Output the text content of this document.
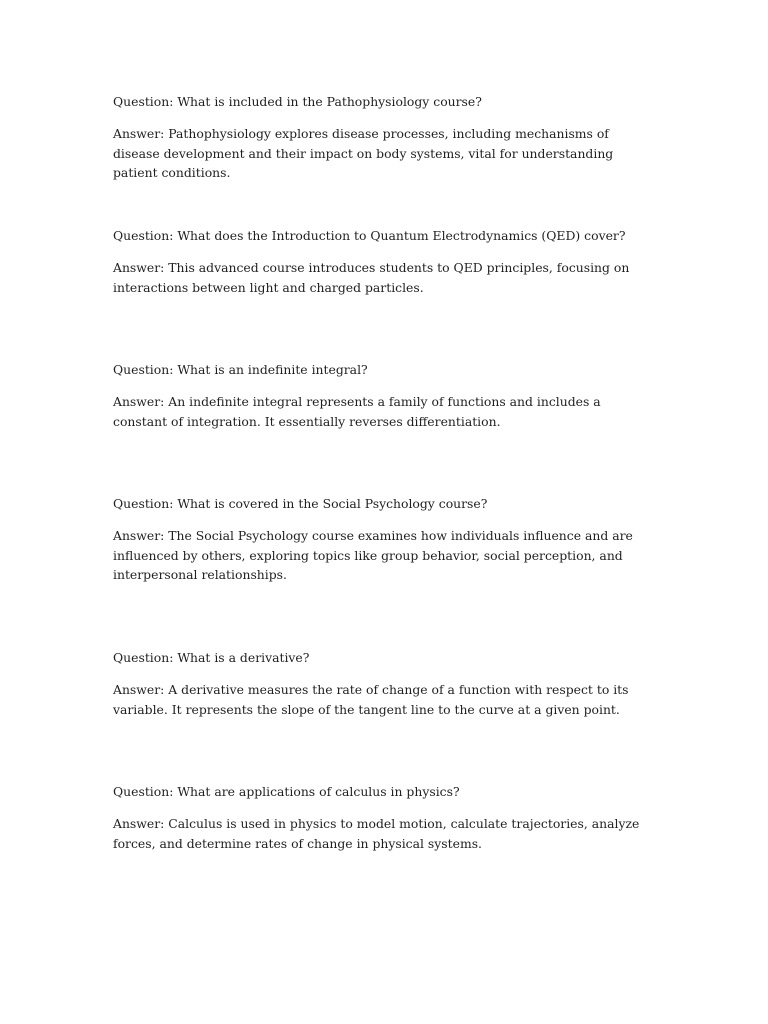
Question: What is included in the Pathophysiology course?

Answer: Pathophysiology explores disease processes, including mechanisms of disease development and their impact on body systems, vital for understanding patient conditions.

Question: What does the Introduction to Quantum Electrodynamics (QED) cover?

Answer: This advanced course introduces students to QED principles, focusing on interactions between light and charged particles.

Question: What is an indefinite integral?

Answer: An indefinite integral represents a family of functions and includes a constant of integration. It essentially reverses differentiation.

Question: What is covered in the Social Psychology course?

Answer: The Social Psychology course examines how individuals influence and are influenced by others, exploring topics like group behavior, social perception, and interpersonal relationships.

Question: What is a derivative?

Answer: A derivative measures the rate of change of a function with respect to its variable. It represents the slope of the tangent line to the curve at a given point.

Question: What are applications of calculus in physics?

Answer: Calculus is used in physics to model motion, calculate trajectories, analyze forces, and determine rates of change in physical systems.
